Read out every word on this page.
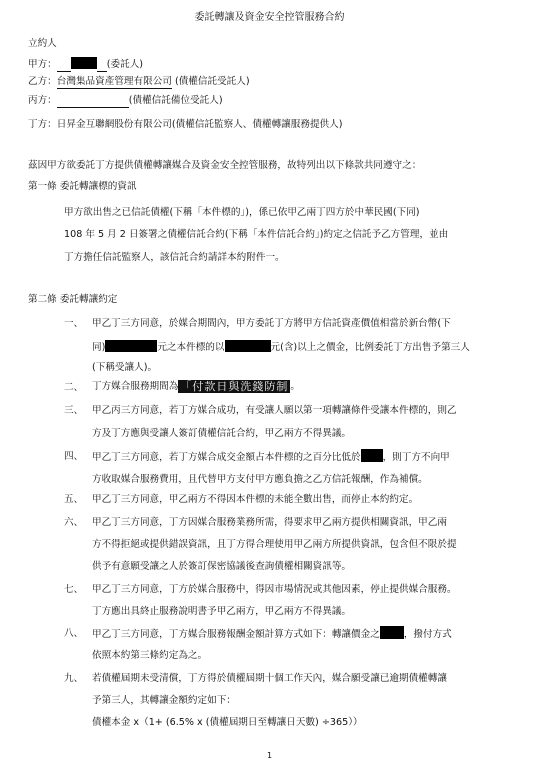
委託轉讓及資金安全控管服務合約
立約人
甲方：	(委託人)
乙方：台灣集品資產管理有限公司 (債權信託受託人)
丙方：	(債權信託備位受託人)
丁方：日昇金互聯網股份有限公司(債權信託監察人、債權轉讓服務提供人)
茲因甲方欲委託丁方提供債權轉讓媒合及資金安全控管服務，故特列出以下條款共同遵守之：
第一條 委託轉讓標的資訊
甲方欲出售之已信託債權(下稱「本件標的」)，係已依甲乙兩丁四方於中華民國(下同)
108 年 5 月 2 日簽署之債權信託合約(下稱「本件信託合約」)約定之信託予乙方管理，並由
丁方擔任信託監察人，該信託合約請詳本約附件一。
第二條 委託轉讓約定
一、 甲乙丁三方同意，於媒合期間內，甲方委託丁方將甲方信託資產價值相當於新台幣(下
同)	元之本件標的以	元(含)以上之價金，比例委託丁方出售予第三人
(下稱受讓人)。
二、 丁方媒合服務期間為 「付款日與洗錢防制 。
三、 甲乙丙三方同意，若丁方媒合成功，有受讓人願以第一項轉讓條件受讓本件標的，則乙
方及丁方應與受讓人簽訂債權信託合約，甲乙兩方不得異議。
四、 甲乙丁三方同意，若丁方媒合成交金額占本件標的之百分比低於 ，則丁方不向甲
方收取媒合服務費用，且代替甲方支付甲方應負擔之乙方信託報酬，作為補償。
五、 甲乙丁三方同意，甲乙兩方不得因本件標的未能全數出售，而停止本約約定。
六、 甲乙丁三方同意，丁方因媒合服務業務所需，得要求甲乙兩方提供相關資訊，甲乙兩
方不得拒絕或提供錯誤資訊，且丁方得合理使用甲乙兩方所提供資訊，包含但不限於提
供予有意願受讓之人於簽訂保密協議後查詢債權相關資訊等。
七、 甲乙丁三方同意，丁方於媒合服務中，得因市場情況或其他因素，停止提供媒合服務。
丁方應出具終止服務說明書予甲乙兩方，甲乙兩方不得異議。
八、 甲乙丁三方同意，丁方媒合服務報酬金額計算方式如下：轉讓價金之	，撥付方式
依照本約第三條約定為之。
九、 若債權屆期未受清償，丁方得於債權屆期十個工作天內，媒合願受讓已逾期債權轉讓
予第三人，其轉讓金額約定如下：
債權本金 x（1+ (6.5% x (債權屆期日至轉讓日天數) ÷365））
1
